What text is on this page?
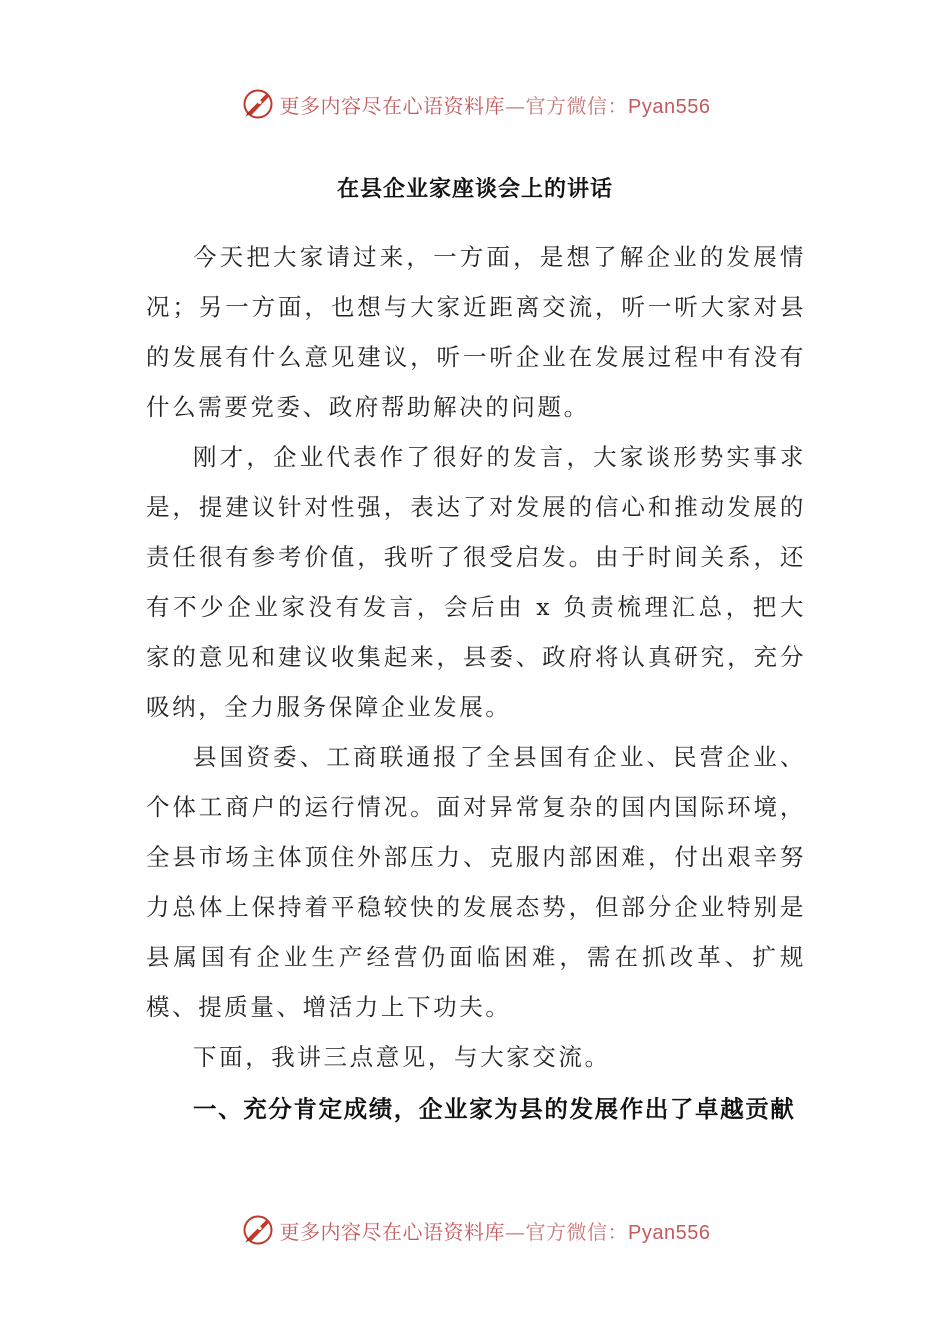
更多内容尽在心语资料库—官方微信：Pyan556
在县企业家座谈会上的讲话

今天把大家请过来，一方面，是想了解企业的发展情况；另一方面，也想与大家近距离交流，听一听大家对县的发展有什么意见建议，听一听企业在发展过程中有没有什么需要党委、政府帮助解决的问题。

刚才，企业代表作了很好的发言，大家谈形势实事求是，提建议针对性强，表达了对发展的信心和推动发展的责任很有参考价值，我听了很受启发。由于时间关系，还有不少企业家没有发言，会后由 x 负责梳理汇总，把大家的意见和建议收集起来，县委、政府将认真研究，充分吸纳，全力服务保障企业发展。

县国资委、工商联通报了全县国有企业、民营企业、个体工商户的运行情况。面对异常复杂的国内国际环境，全县市场主体顶住外部压力、克服内部困难，付出艰辛努力总体上保持着平稳较快的发展态势，但部分企业特别是县属国有企业生产经营仍面临困难，需在抓改革、扩规模、提质量、增活力上下功夫。

下面，我讲三点意见，与大家交流。

一、充分肯定成绩，企业家为县的发展作出了卓越贡献
更多内容尽在心语资料库—官方微信：Pyan556
